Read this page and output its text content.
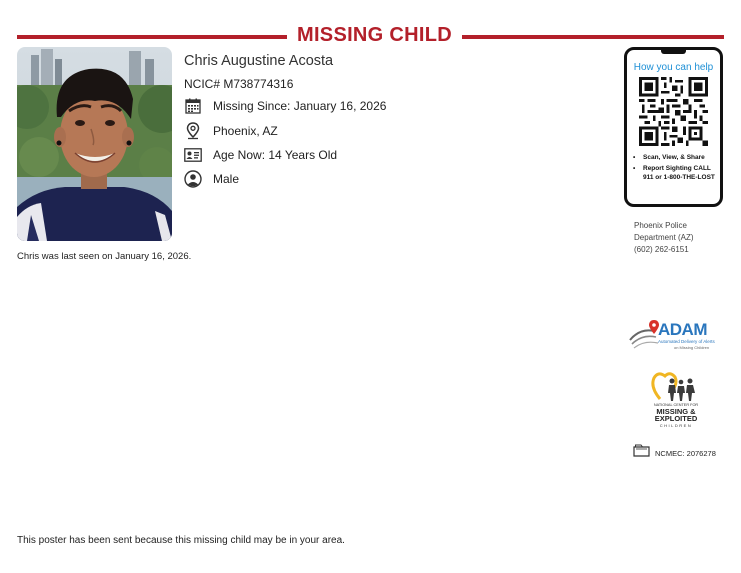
MISSING CHILD
Chris Augustine Acosta
NCIC# M738774316
Missing Since: January 16, 2026
Phoenix, AZ
Age Now: 14 Years Old
Male
Chris was last seen on January 16, 2026.
How you can help
• Scan, View, & Share
• Report Sighting CALL 911 or 1-800-THE-LOST
Phoenix Police
Department (AZ)
(602) 262-6151
ADAM
Automated Delivery of Alerts
on Missing Children
NATIONAL CENTER FOR
MISSING &
EXPLOITED
CHILDREN
NCMEC: 2076278
This poster has been sent because this missing child may be in your area.
